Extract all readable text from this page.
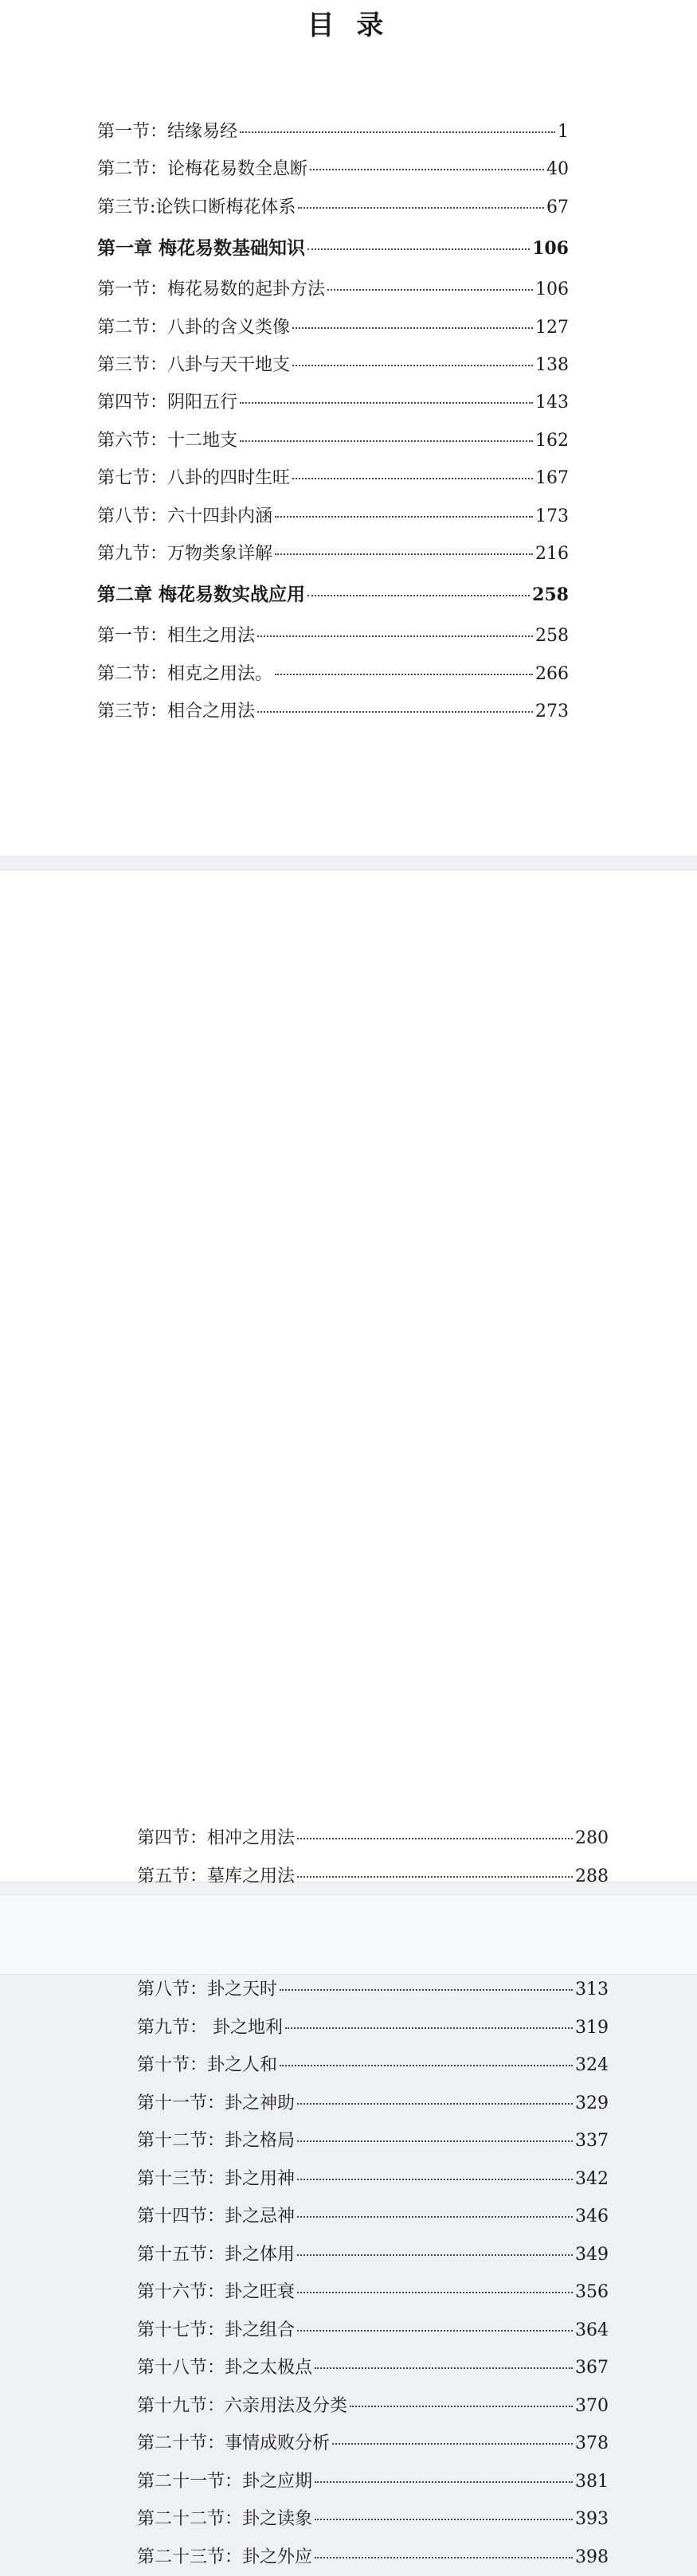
目 录
第一节：结缘易经	1
第二节：论梅花易数全息断	40
第三节:论铁口断梅花体系	67
第一章 梅花易数基础知识	106
第一节：梅花易数的起卦方法	106
第二节：八卦的含义类像	127
第三节：八卦与天干地支	138
第四节：阴阳五行	143
第六节：十二地支	162
第七节：八卦的四时生旺	167
第八节：六十四卦内涵	173
第九节：万物类象详解	216
第二章 梅花易数实战应用	258
第一节：相生之用法	258
第二节：相克之用法。	266
第三节：相合之用法	273
第四节：相冲之用法	280
第五节：墓库之用法	288
第八节：卦之天时	313
第九节： 卦之地利	319
第十节：卦之人和	324
第十一节：卦之神助	329
第十二节：卦之格局	337
第十三节：卦之用神	342
第十四节：卦之忌神	346
第十五节：卦之体用	349
第十六节：卦之旺衰	356
第十七节：卦之组合	364
第十八节：卦之太极点	367
第十九节：六亲用法及分类	370
第二十节：事情成败分析	378
第二十一节：卦之应期	381
第二十二节：卦之读象	393
第二十三节：卦之外应	398
